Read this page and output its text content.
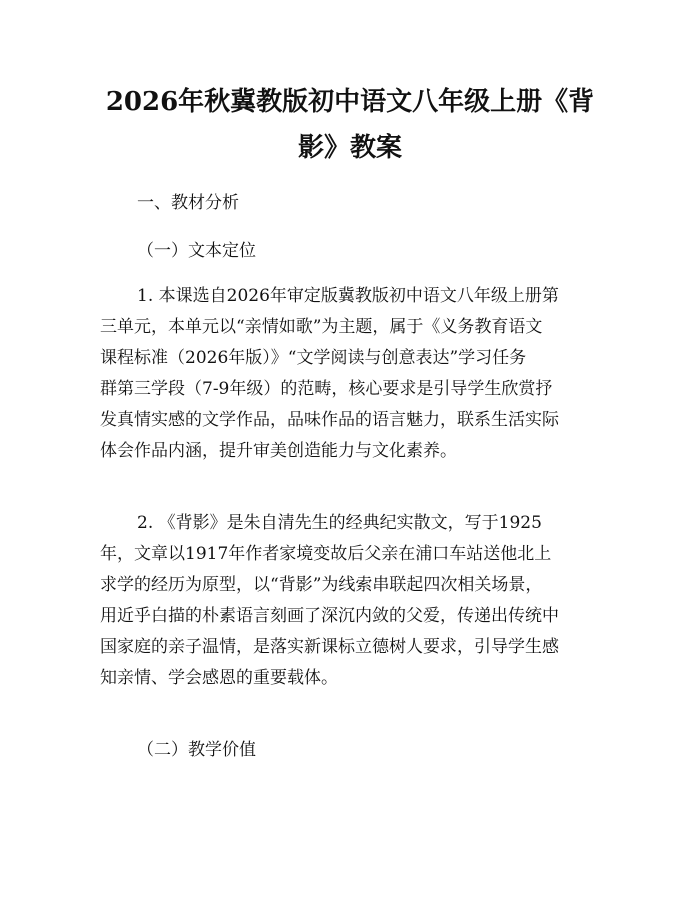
2026年秋冀教版初中语文八年级上册《背
影》教案

一、教材分析

（一）文本定位

1. 本课选自2026年审定版冀教版初中语文八年级上册第
三单元，本单元以“亲情如歌”为主题，属于《义务教育语文
课程标准（2026年版）》“文学阅读与创意表达”学习任务
群第三学段（7-9年级）的范畴，核心要求是引导学生欣赏抒
发真情实感的文学作品，品味作品的语言魅力，联系生活实际
体会作品内涵，提升审美创造能力与文化素养。
2. 《背影》是朱自清先生的经典纪实散文，写于1925
年，文章以1917年作者家境变故后父亲在浦口车站送他北上
求学的经历为原型，以“背影”为线索串联起四次相关场景，
用近乎白描的朴素语言刻画了深沉内敛的父爱，传递出传统中
国家庭的亲子温情，是落实新课标立德树人要求，引导学生感
知亲情、学会感恩的重要载体。

（二）教学价值
